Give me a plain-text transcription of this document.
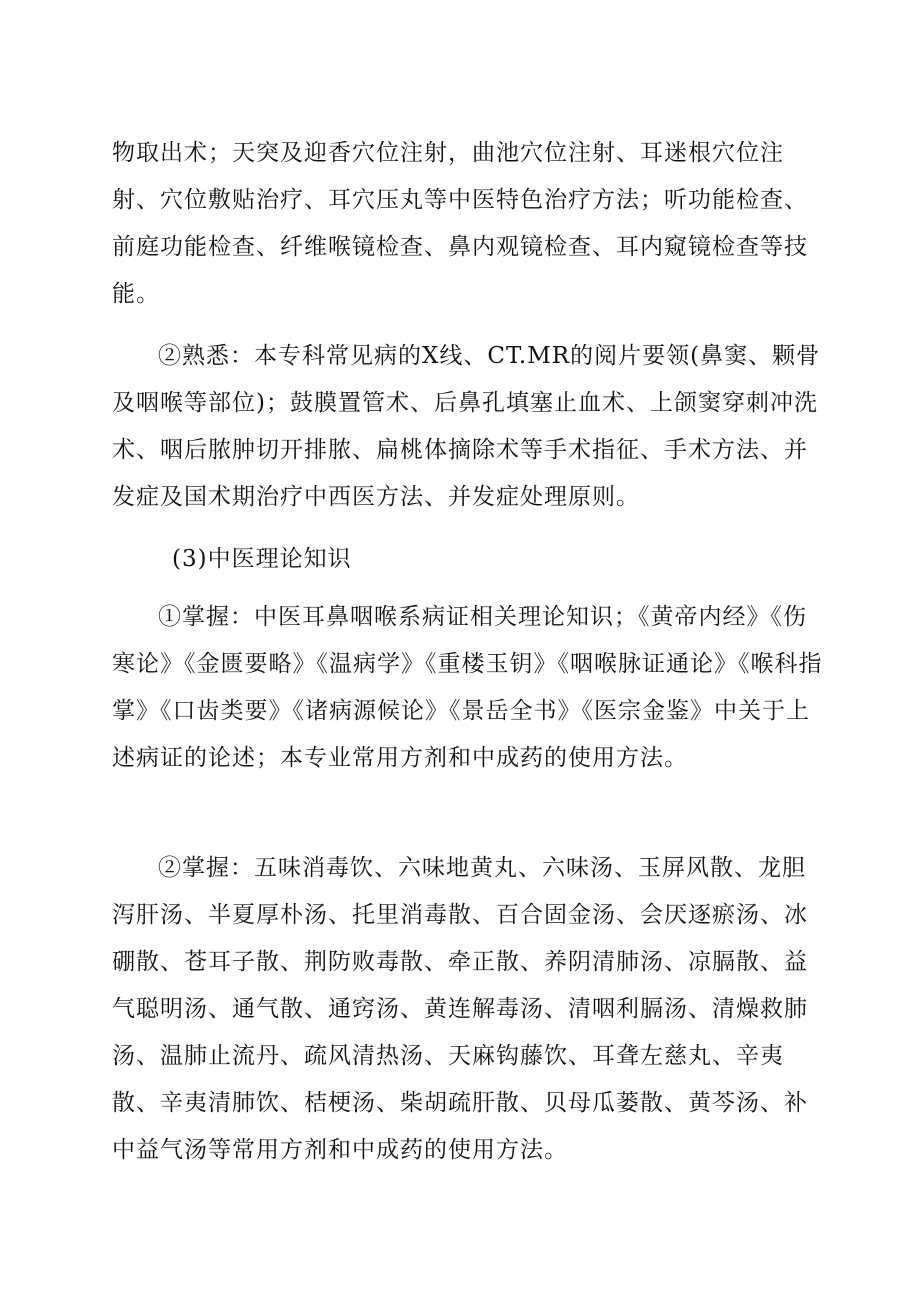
物取出术；天突及迎香穴位注射，曲池穴位注射、耳迷根穴位注射、穴位敷贴治疗、耳穴压丸等中医特色治疗方法；听功能检查、前庭功能检查、纤维喉镜检查、鼻内观镜检查、耳内窥镜检查等技能。

②熟悉：本专科常见病的X线、CT.MR的阅片要领(鼻窦、颗骨及咽喉等部位)；鼓膜置管术、后鼻孔填塞止血术、上颌窦穿刺冲洗术、咽后脓肿切开排脓、扁桃体摘除术等手术指征、手术方法、并发症及国术期治疗中西医方法、并发症处理原则。

(3)中医理论知识

①掌握：中医耳鼻咽喉系病证相关理论知识；《黄帝内经》《伤寒论》《金匮要略》《温病学》《重楼玉钥》《咽喉脉证通论》《喉科指掌》《口齿类要》《诸病源候论》《景岳全书》《医宗金鉴》中关于上述病证的论述；本专业常用方剂和中成药的使用方法。

②掌握：五味消毒饮、六味地黄丸、六味汤、玉屏风散、龙胆泻肝汤、半夏厚朴汤、托里消毒散、百合固金汤、会厌逐瘀汤、冰硼散、苍耳子散、荆防败毒散、牵正散、养阴清肺汤、凉膈散、益气聪明汤、通气散、通窍汤、黄连解毒汤、清咽利膈汤、清燥救肺汤、温肺止流丹、疏风清热汤、天麻钩藤饮、耳聋左慈丸、辛夷散、辛夷清肺饮、桔梗汤、柴胡疏肝散、贝母瓜蒌散、黄芩汤、补中益气汤等常用方剂和中成药的使用方法。
